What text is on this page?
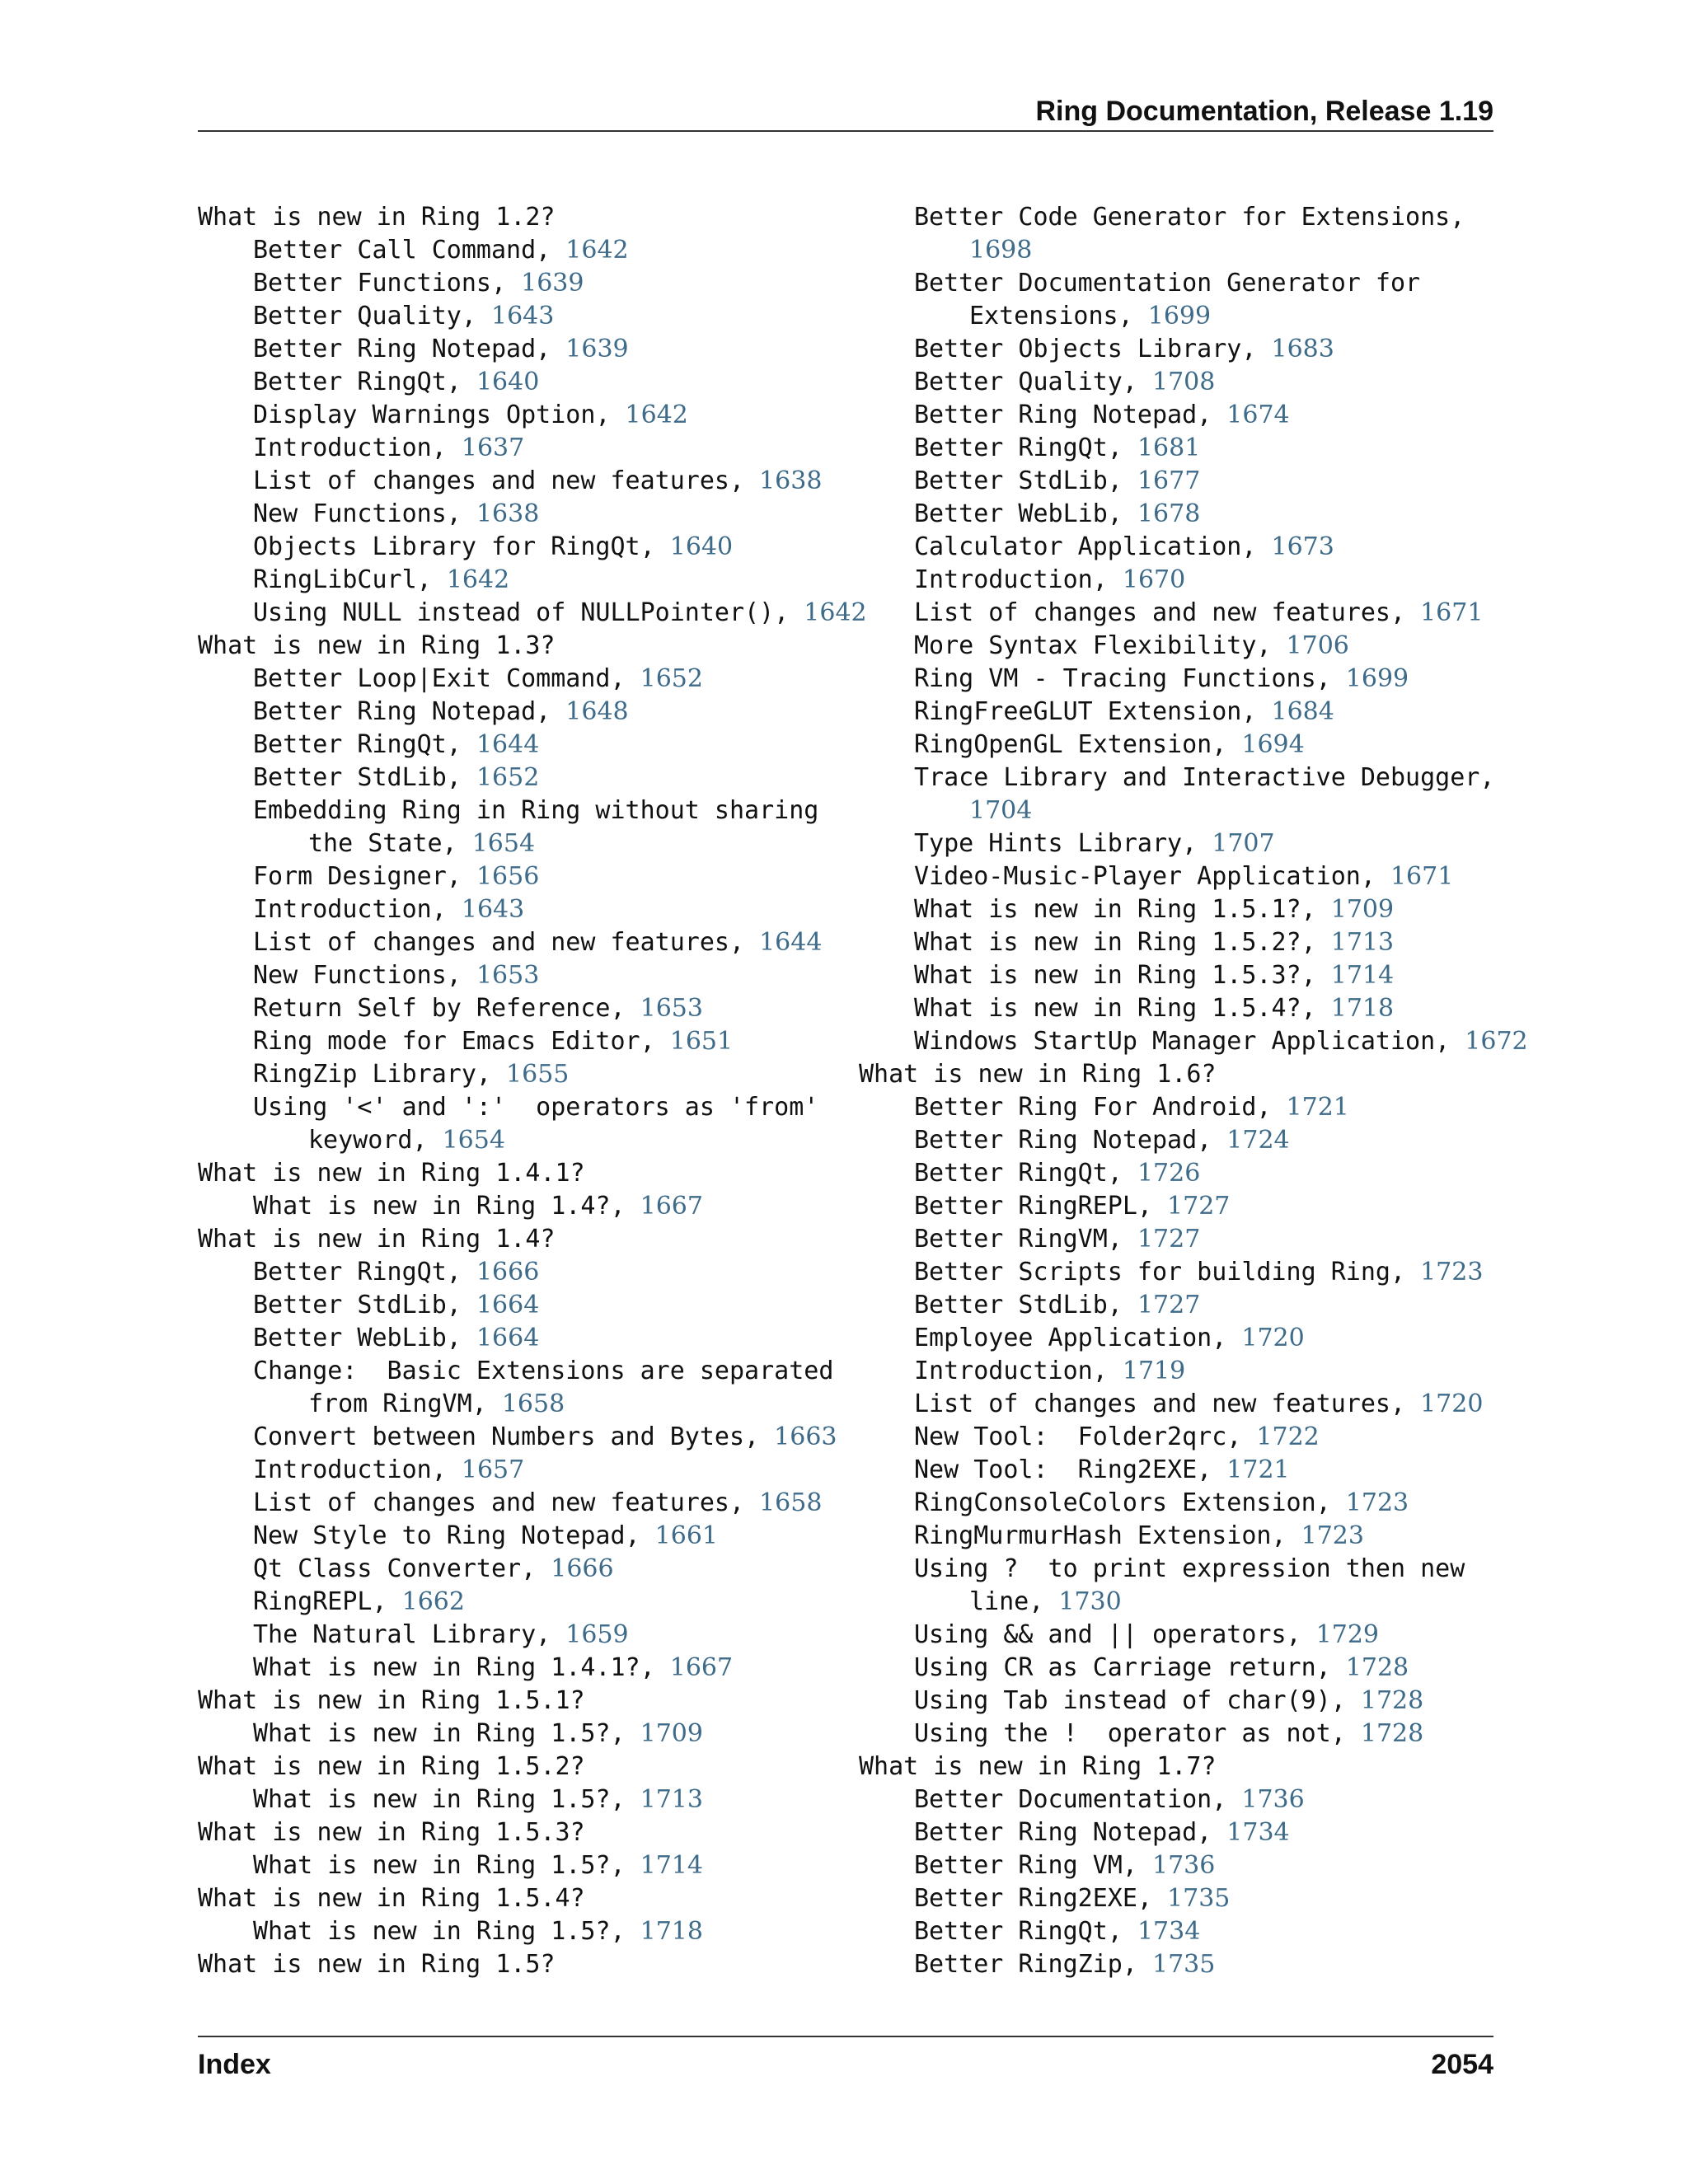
Ring Documentation, Release 1.19
What is new in Ring 1.2?
Better Call Command, 1642
Better Functions, 1639
Better Quality, 1643
Better Ring Notepad, 1639
Better RingQt, 1640
Display Warnings Option, 1642
Introduction, 1637
List of changes and new features, 1638
New Functions, 1638
Objects Library for RingQt, 1640
RingLibCurl, 1642
Using NULL instead of NULLPointer(), 1642
What is new in Ring 1.3?
Better Loop|Exit Command, 1652
Better Ring Notepad, 1648
Better RingQt, 1644
Better StdLib, 1652
Embedding Ring in Ring without sharing
the State, 1654
Form Designer, 1656
Introduction, 1643
List of changes and new features, 1644
New Functions, 1653
Return Self by Reference, 1653
Ring mode for Emacs Editor, 1651
RingZip Library, 1655
Using '<' and ':'  operators as 'from'
keyword, 1654
What is new in Ring 1.4.1?
What is new in Ring 1.4?, 1667
What is new in Ring 1.4?
Better RingQt, 1666
Better StdLib, 1664
Better WebLib, 1664
Change:  Basic Extensions are separated
from RingVM, 1658
Convert between Numbers and Bytes, 1663
Introduction, 1657
List of changes and new features, 1658
New Style to Ring Notepad, 1661
Qt Class Converter, 1666
RingREPL, 1662
The Natural Library, 1659
What is new in Ring 1.4.1?, 1667
What is new in Ring 1.5.1?
What is new in Ring 1.5?, 1709
What is new in Ring 1.5.2?
What is new in Ring 1.5?, 1713
What is new in Ring 1.5.3?
What is new in Ring 1.5?, 1714
What is new in Ring 1.5.4?
What is new in Ring 1.5?, 1718
What is new in Ring 1.5?
Better Code Generator for Extensions,
1698
Better Documentation Generator for
Extensions, 1699
Better Objects Library, 1683
Better Quality, 1708
Better Ring Notepad, 1674
Better RingQt, 1681
Better StdLib, 1677
Better WebLib, 1678
Calculator Application, 1673
Introduction, 1670
List of changes and new features, 1671
More Syntax Flexibility, 1706
Ring VM - Tracing Functions, 1699
RingFreeGLUT Extension, 1684
RingOpenGL Extension, 1694
Trace Library and Interactive Debugger,
1704
Type Hints Library, 1707
Video-Music-Player Application, 1671
What is new in Ring 1.5.1?, 1709
What is new in Ring 1.5.2?, 1713
What is new in Ring 1.5.3?, 1714
What is new in Ring 1.5.4?, 1718
Windows StartUp Manager Application, 1672
What is new in Ring 1.6?
Better Ring For Android, 1721
Better Ring Notepad, 1724
Better RingQt, 1726
Better RingREPL, 1727
Better RingVM, 1727
Better Scripts for building Ring, 1723
Better StdLib, 1727
Employee Application, 1720
Introduction, 1719
List of changes and new features, 1720
New Tool:  Folder2qrc, 1722
New Tool:  Ring2EXE, 1721
RingConsoleColors Extension, 1723
RingMurmurHash Extension, 1723
Using ?  to print expression then new
line, 1730
Using && and || operators, 1729
Using CR as Carriage return, 1728
Using Tab instead of char(9), 1728
Using the !  operator as not, 1728
What is new in Ring 1.7?
Better Documentation, 1736
Better Ring Notepad, 1734
Better Ring VM, 1736
Better Ring2EXE, 1735
Better RingQt, 1734
Better RingZip, 1735
Index	2054
